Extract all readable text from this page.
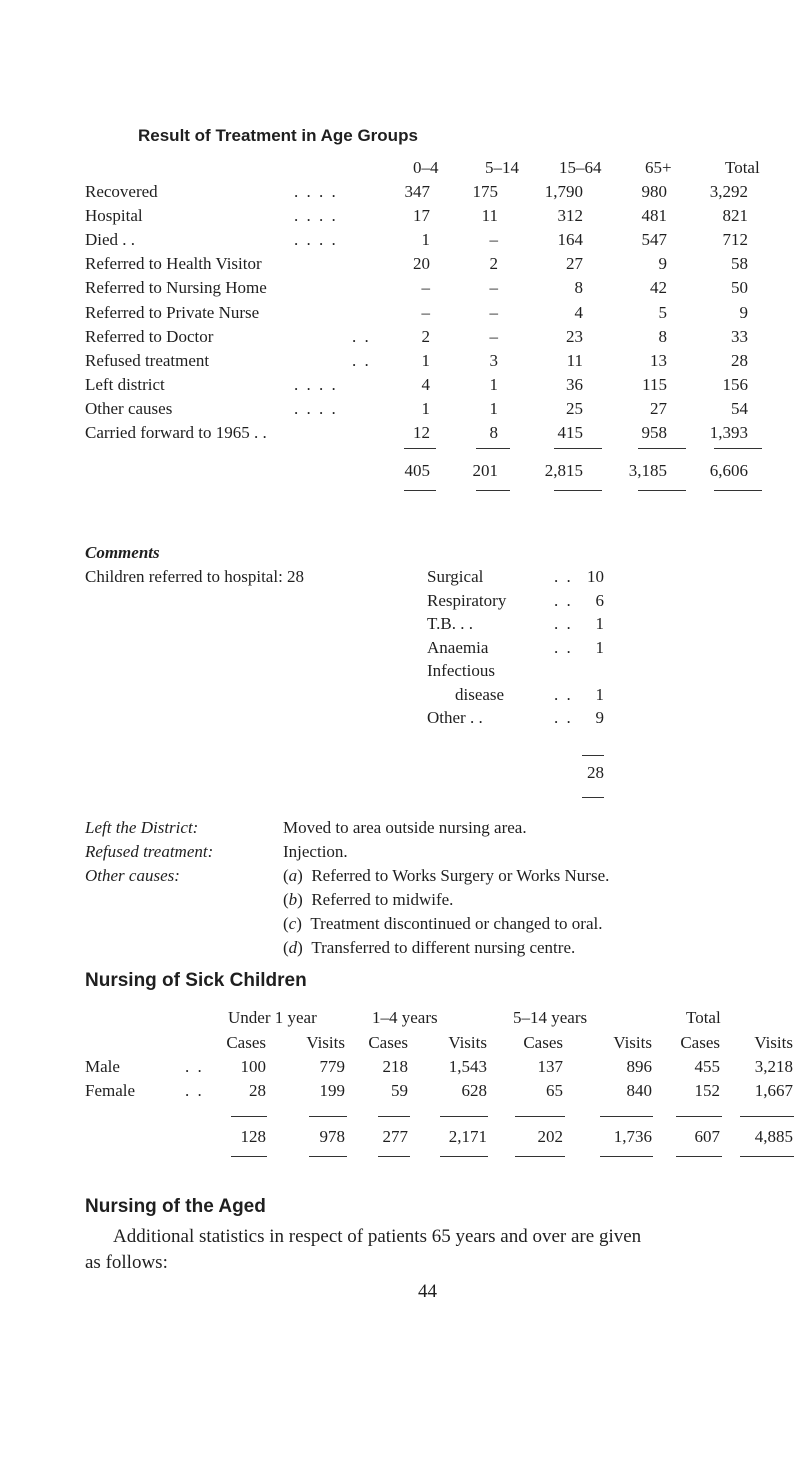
Result of Treatment in Age Groups
0–4	5–14 15–64	65+	Total
Recovered	. . . .	347	175	1,790	980	3,292
Hospital	. . . .	17	11	312	481	821
Died . .	. . . .	1	–	164	547	712
Referred to Health Visitor	20	2	27	9	58
Referred to Nursing Home	–	–	8	42	50
Referred to Private Nurse	–	–	4	5	9
Referred to Doctor	. .	2	–	23	8	33
Refused treatment	. .	1	3	11	13	28
Left district	. . . .	4	1	36	115	156
Other causes	. . . .	1	1	25	27	54
Carried forward to 1965 . .	12	8	415	958	1,393
405	201	2,815	3,185	6,606
Comments
Children referred to hospital: 28	Surgical	. . 10
Respiratory	. .	6
T.B. . .	. .	1
Anaemia	. .	1
Infectious
disease	. .	1
Other . .	. .	9
28
Left the District:	Moved to area outside nursing area.
Refused treatment:	Injection.
Other causes:	(a)  Referred to Works Surgery or Works Nurse.
(b)  Referred to midwife.
(c)  Treatment discontinued or changed to oral.
(d)  Transferred to different nursing centre.
Nursing of Sick Children
Under 1 year	1–4 years	5–14 years	Total
Cases	Visits	Cases	Visits	Cases	Visits	Cases	Visits
Male	. .	100	779	218	1,543	137	896	455	3,218
Female	. .	28	199	59	628	65	840	152	1,667
128	978	277	2,171	202	1,736	607	4,885
Nursing of the Aged
Additional statistics in respect of patients 65 years and over are given
as follows:
44
